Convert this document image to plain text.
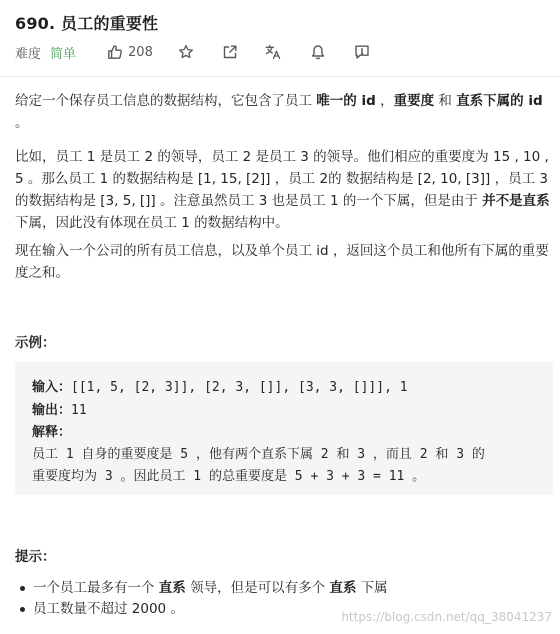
690. 员工的重要性
难度 简单	208

给定一个保存员工信息的数据结构，它包含了员工 唯一的 id ，重要度 和 直系下属的 id 。

比如，员工 1 是员工 2 的领导，员工 2 是员工 3 的领导。他们相应的重要度为 15 , 10 , 5 。那么员工 1 的数据结构是 [1, 15, [2]] ，员工 2的 数据结构是 [2, 10, [3]] ，员工 3 的数据结构是 [3, 5, []] 。注意虽然员工 3 也是员工 1 的一个下属，但是由于 并不是直系 下属，因此没有体现在员工 1 的数据结构中。

现在输入一个公司的所有员工信息，以及单个员工 id ，返回这个员工和他所有下属的重要度之和。

示例：
输入：[[1, 5, [2, 3]], [2, 3, []], [3, 3, []]], 1
输出：11
解释：
员工 1 自身的重要度是 5 ，他有两个直系下属 2 和 3 ，而且 2 和 3 的
重要度均为 3 。因此员工 1 的总重要度是 5 + 3 + 3 = 11 。
提示：
一个员工最多有一个 直系 领导，但是可以有多个 直系 下属
员工数量不超过 2000 。	https://blog.csdn.net/qq_38041237
